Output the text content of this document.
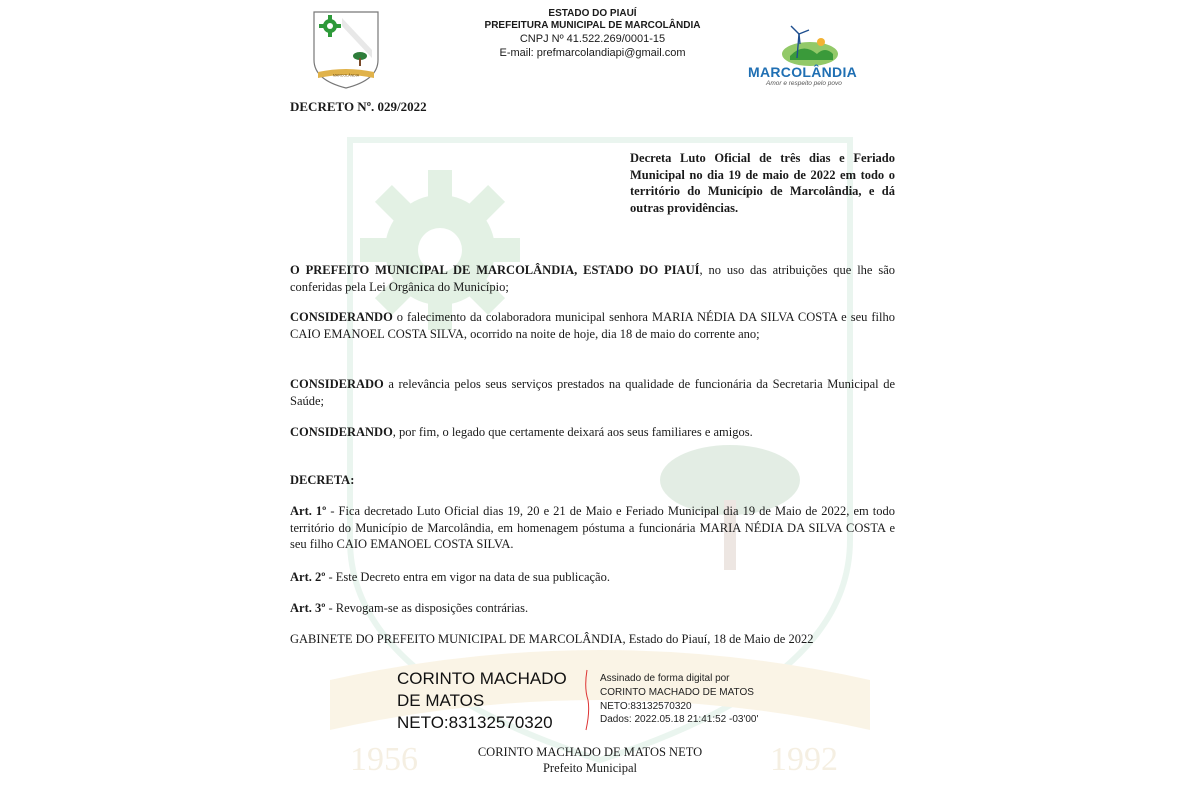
1956	1992
MARCOLÂNDIA
ESTADO DO PIAUÍ
PREFEITURA MUNICIPAL DE MARCOLÂNDIA
CNPJ Nº 41.522.269/0001-15
E-mail: prefmarcolandiapi@gmail.com
MARCOLÂNDIA
Amor e respeito pelo povo
DECRETO Nº. 029/2022
Decreta Luto Oficial de três dias e Feriado Municipal no dia 19 de maio de 2022 em todo o território do Município de Marcolândia, e dá outras providências.
O PREFEITO MUNICIPAL DE MARCOLÂNDIA, ESTADO DO PIAUÍ, no uso das atribuições que lhe são conferidas pela Lei Orgânica do Município;
CONSIDERANDO o falecimento da colaboradora municipal senhora MARIA NÉDIA DA SILVA COSTA e seu filho CAIO EMANOEL COSTA SILVA, ocorrido na noite de hoje, dia 18 de maio do corrente ano;
CONSIDERADO a relevância pelos seus serviços prestados na qualidade de funcionária da Secretaria Municipal de Saúde;
CONSIDERANDO, por fim, o legado que certamente deixará aos seus familiares e amigos.
DECRETA:
Art. 1º - Fica decretado Luto Oficial dias 19, 20 e 21 de Maio e Feriado Municipal dia 19 de Maio de 2022, em todo território do Município de Marcolândia, em homenagem póstuma a funcionária MARIA NÉDIA DA SILVA COSTA e seu filho CAIO EMANOEL COSTA SILVA.
Art. 2º - Este Decreto entra em vigor na data de sua publicação.
Art. 3º - Revogam-se as disposições contrárias.
GABINETE DO PREFEITO MUNICIPAL DE MARCOLÂNDIA, Estado do Piauí, 18 de Maio de 2022
CORINTO MACHADO
DE MATOS
NETO:83132570320
Assinado de forma digital por
CORINTO MACHADO DE MATOS
NETO:83132570320
Dados: 2022.05.18 21:41:52 -03'00'
CORINTO MACHADO DE MATOS NETO
Prefeito Municipal
